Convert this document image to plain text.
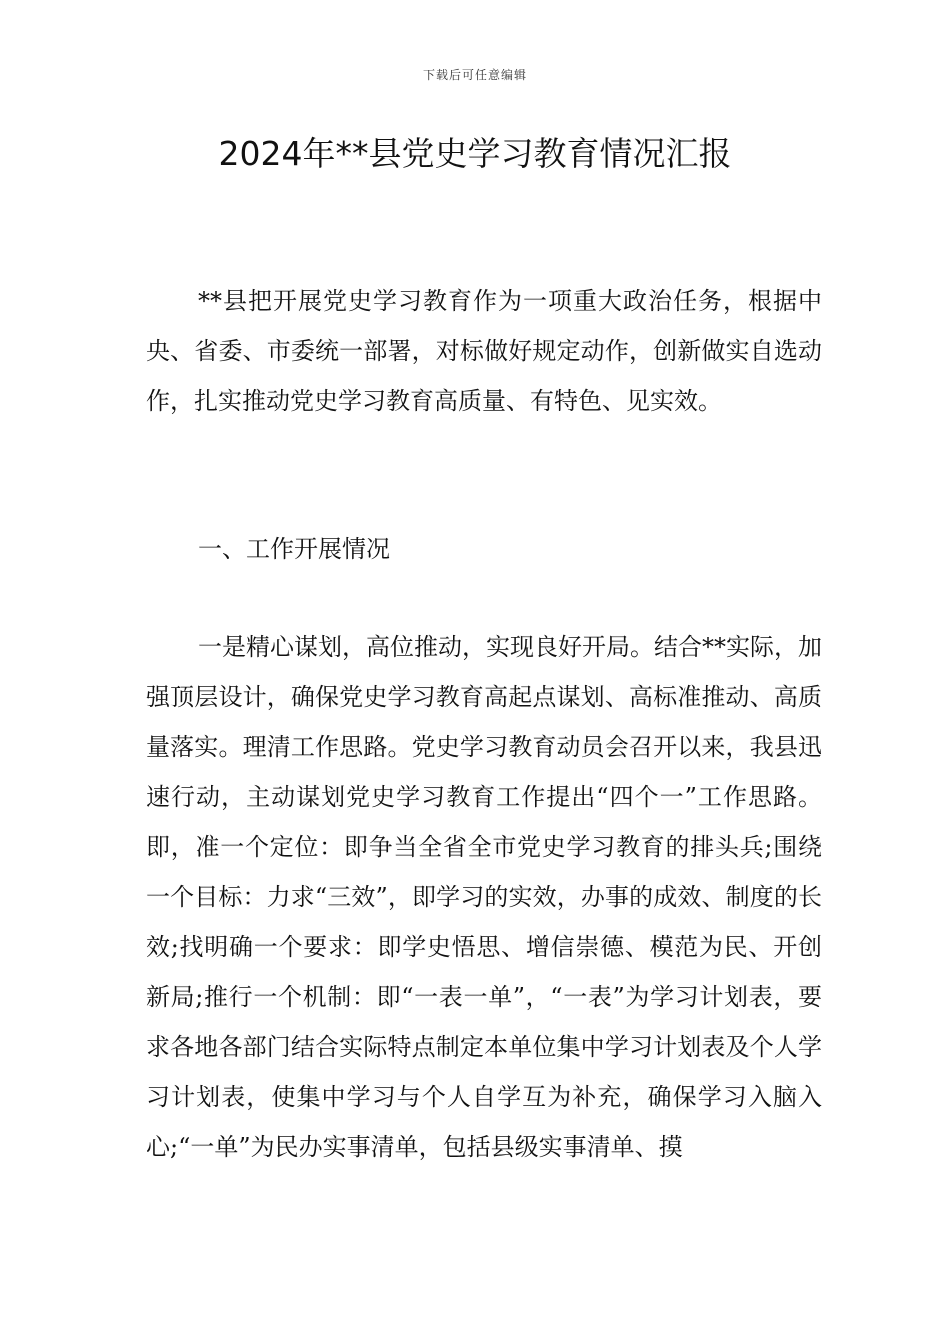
下载后可任意编辑
2024年**县党史学习教育情况汇报

**县把开展党史学习教育作为一项重大政治任务，根据中央、省委、市委统一部署，对标做好规定动作，创新做实自选动作，扎实推动党史学习教育高质量、有特色、见实效。

一、工作开展情况

一是精心谋划，高位推动，实现良好开局。结合**实际，加强顶层设计，确保党史学习教育高起点谋划、高标准推动、高质量落实。理清工作思路。党史学习教育动员会召开以来，我县迅速行动，主动谋划党史学习教育工作提出“四个一”工作思路。即，准一个定位：即争当全省全市党史学习教育的排头兵;围绕一个目标：力求“三效”，即学习的实效，办事的成效、制度的长效;找明确一个要求：即学史悟思、增信崇德、模范为民、开创新局;推行一个机制：即“一表一单”，“一表”为学习计划表，要求各地各部门结合实际特点制定本单位集中学习计划表及个人学习计划表，使集中学习与个人自学互为补充，确保学习入脑入心;“一单”为民办实事清单，包括县级实事清单、摸
